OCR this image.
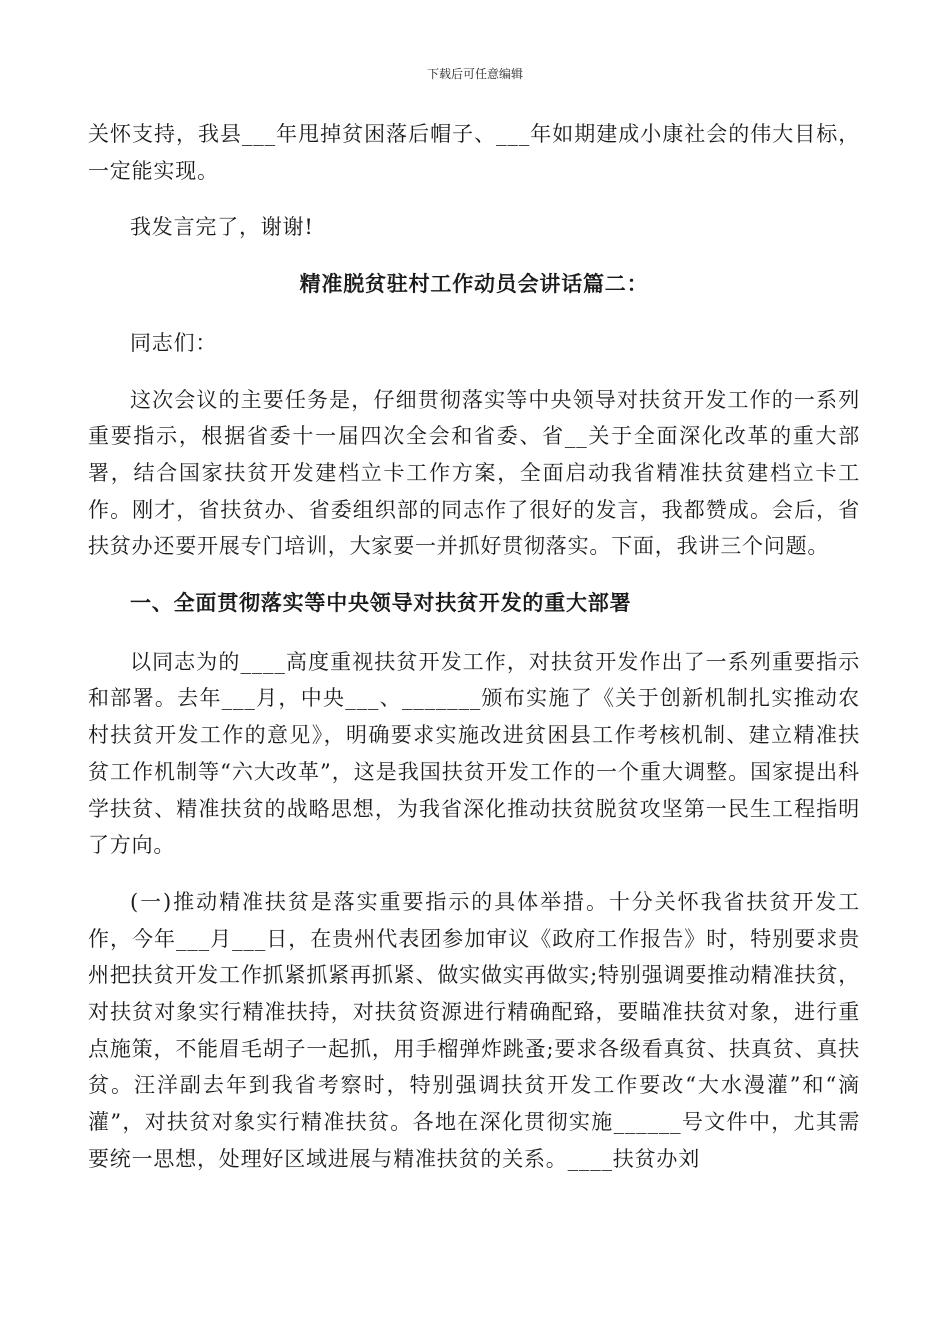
下载后可任意编辑

关怀支持，我县___年甩掉贫困落后帽子、___年如期建成小康社会的伟大目标，一定能实现。

我发言完了，谢谢!

精准脱贫驻村工作动员会讲话篇二：

同志们：

这次会议的主要任务是，仔细贯彻落实等中央领导对扶贫开发工作的一系列重要指示，根据省委十一届四次全会和省委、省__关于全面深化改革的重大部署，结合国家扶贫开发建档立卡工作方案，全面启动我省精准扶贫建档立卡工作。刚才，省扶贫办、省委组织部的同志作了很好的发言，我都赞成。会后，省扶贫办还要开展专门培训，大家要一并抓好贯彻落实。下面，我讲三个问题。

一、全面贯彻落实等中央领导对扶贫开发的重大部署

以同志为的____高度重视扶贫开发工作，对扶贫开发作出了一系列重要指示和部署。去年___月，中央___、_______颁布实施了《关于创新机制扎实推动农村扶贫开发工作的意见》，明确要求实施改进贫困县工作考核机制、建立精准扶贫工作机制等“六大改革”，这是我国扶贫开发工作的一个重大调整。国家提出科学扶贫、精准扶贫的战略思想，为我省深化推动扶贫脱贫攻坚第一民生工程指明了方向。

(一)推动精准扶贫是落实重要指示的具体举措。十分关怀我省扶贫开发工作，今年___月___日，在贵州代表团参加审议《政府工作报告》时，特别要求贵州把扶贫开发工作抓紧抓紧再抓紧、做实做实再做实;特别强调要推动精准扶贫，对扶贫对象实行精准扶持，对扶贫资源进行精确配臵，要瞄准扶贫对象，进行重点施策，不能眉毛胡子一起抓，用手榴弹炸跳蚤;要求各级看真贫、扶真贫、真扶贫。汪洋副去年到我省考察时，特别强调扶贫开发工作要改“大水漫灌”和“滴灌”，对扶贫对象实行精准扶贫。各地在深化贯彻实施______号文件中，尤其需要统一思想，处理好区域进展与精准扶贫的关系。____扶贫办刘
